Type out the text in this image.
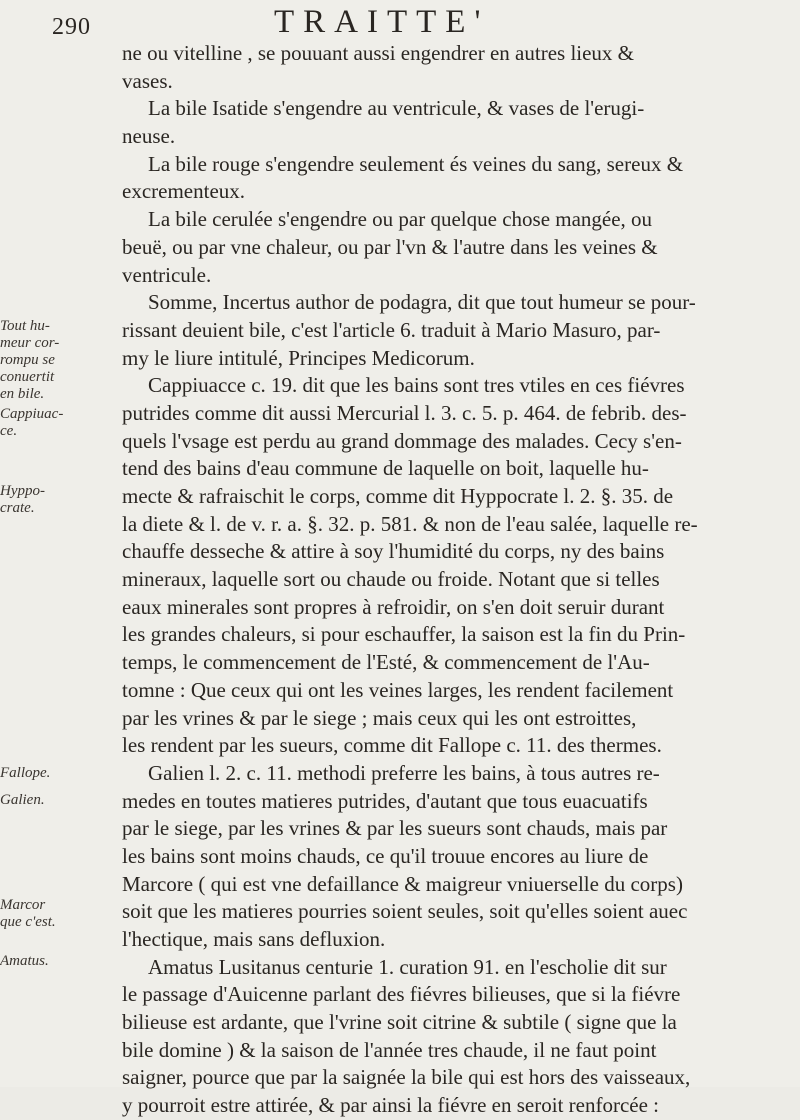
290	TRAITTE'
ne ou vitelline , se pouuant aussi engendrer en autres lieux &
vases.
La bile Isatide s'engendre au ventricule, & vases de l'erugi-
neuse.
La bile rouge s'engendre seulement és veines du sang, sereux &
excrementeux.
La bile cerulée s'engendre ou par quelque chose mangée, ou
beuë, ou par vne chaleur, ou par l'vn & l'autre dans les veines &
ventricule.
Somme, Incertus author de podagra, dit que tout humeur se pour-
rissant deuient bile, c'est l'article 6. traduit à Mario Masuro, par-
my le liure intitulé, Principes Medicorum.
Cappiuacce c. 19. dit que les bains sont tres vtiles en ces fiévres
putrides comme dit aussi Mercurial l. 3. c. 5. p. 464. de febrib. des-
quels l'vsage est perdu au grand dommage des malades. Cecy s'en-
tend des bains d'eau commune de laquelle on boit, laquelle hu-
mecte & rafraischit le corps, comme dit Hyppocrate l. 2. §. 35. de
la diete & l. de v. r. a. §. 32. p. 581. & non de l'eau salée, laquelle re-
chauffe desseche & attire à soy l'humidité du corps, ny des bains
mineraux, laquelle sort ou chaude ou froide. Notant que si telles
eaux minerales sont propres à refroidir, on s'en doit seruir durant
les grandes chaleurs, si pour eschauffer, la saison est la fin du Prin-
temps, le commencement de l'Esté, & commencement de l'Au-
tomne : Que ceux qui ont les veines larges, les rendent facilement
par les vrines & par le siege ; mais ceux qui les ont estroittes,
les rendent par les sueurs, comme dit Fallope c. 11. des thermes.
Galien l. 2. c. 11. methodi preferre les bains, à tous autres re-
medes en toutes matieres putrides, d'autant que tous euacuatifs
par le siege, par les vrines & par les sueurs sont chauds, mais par
les bains sont moins chauds, ce qu'il trouue encores au liure de
Marcore ( qui est vne defaillance & maigreur vniuerselle du corps)
soit que les matieres pourries soient seules, soit qu'elles soient auec
l'hectique, mais sans defluxion.
Amatus Lusitanus centurie 1. curation 91. en l'escholie dit sur
le passage d'Auicenne parlant des fiévres bilieuses, que si la fiévre
bilieuse est ardante, que l'vrine soit citrine & subtile ( signe que la
bile domine ) & la saison de l'année tres chaude, il ne faut point
saigner, pource que par la saignée la bile qui est hors des vaisseaux,
y pourroit estre attirée, & par ainsi la fiévre en seroit renforcée :
Tout hu-
meur cor-
rompu se
conuertit
en bile.
Cappiuac-
ce.
Hyppo-
crate.
Fallope.
Galien.
Marcor
que c'est.
Amatus.
